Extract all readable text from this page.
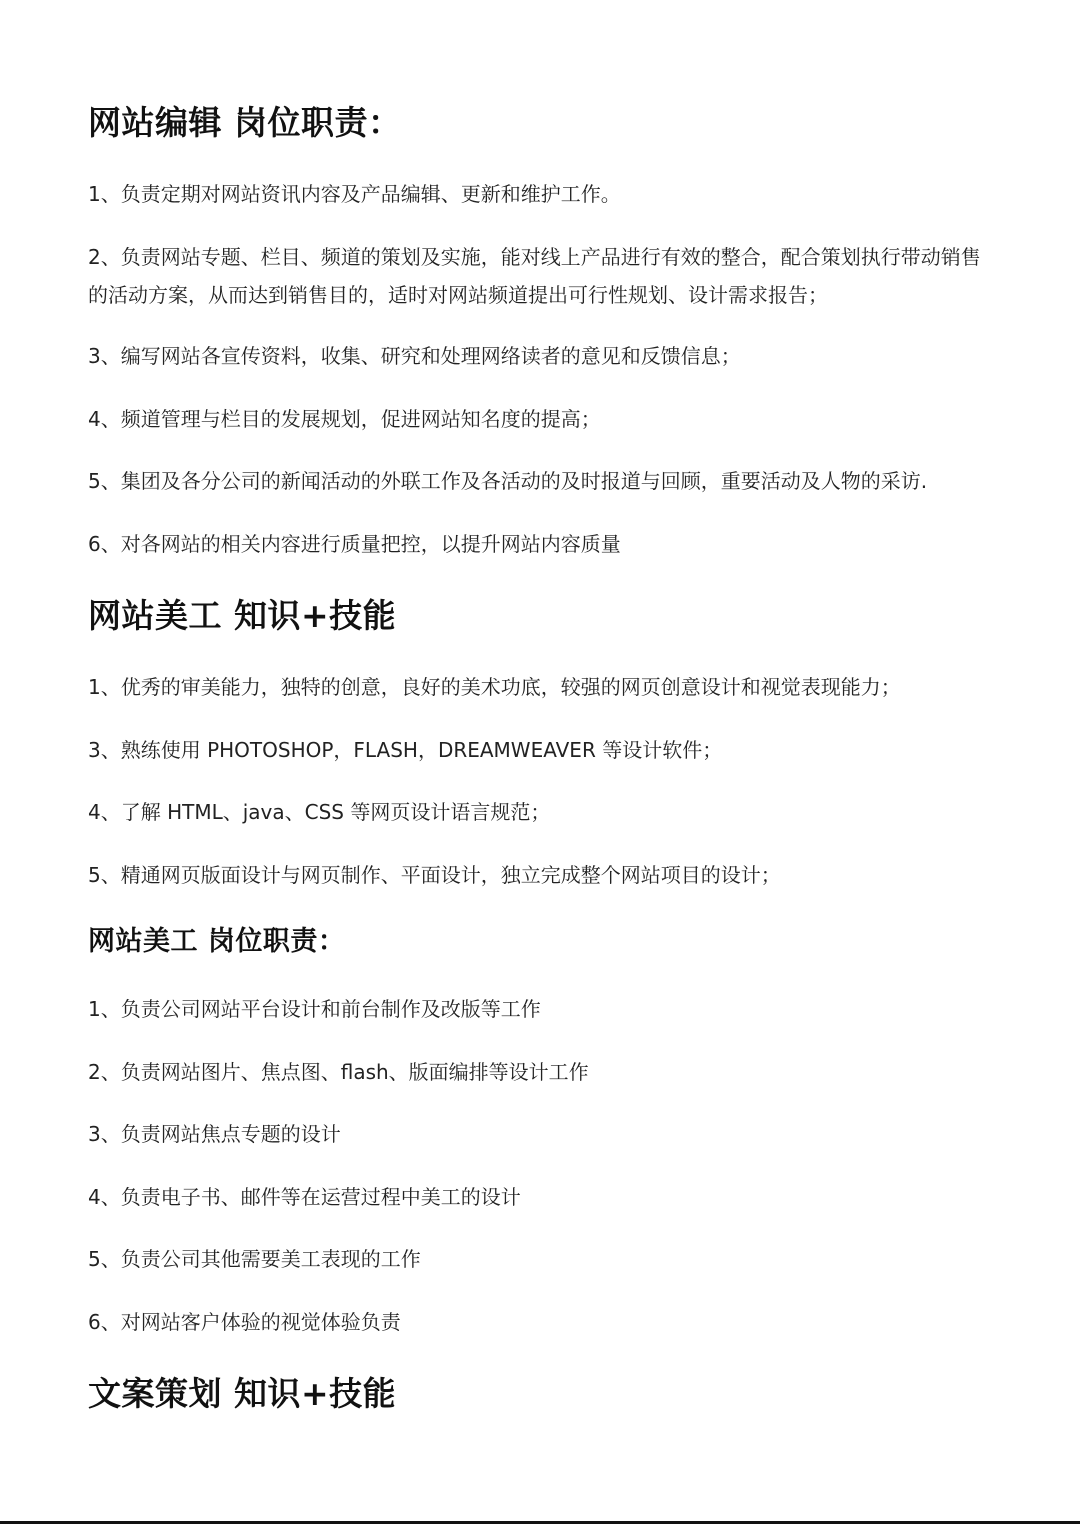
网站编辑 岗位职责：

1、负责定期对网站资讯内容及产品编辑、更新和维护工作。

2、负责网站专题、栏目、频道的策划及实施，能对线上产品进行有效的整合，配合策划执行带动销售的活动方案，从而达到销售目的，适时对网站频道提出可行性规划、设计需求报告；

3、编写网站各宣传资料，收集、研究和处理网络读者的意见和反馈信息；

4、频道管理与栏目的发展规划，促进网站知名度的提高；

5、集团及各分公司的新闻活动的外联工作及各活动的及时报道与回顾，重要活动及人物的采访.

6、对各网站的相关内容进行质量把控，以提升网站内容质量

网站美工 知识+技能

1、优秀的审美能力，独特的创意，良好的美术功底，较强的网页创意设计和视觉表现能力；

3、熟练使用 PHOTOSHOP，FLASH，DREAMWEAVER 等设计软件；

4、了解 HTML、java、CSS 等网页设计语言规范；

5、精通网页版面设计与网页制作、平面设计，独立完成整个网站项目的设计；

网站美工 岗位职责：

1、负责公司网站平台设计和前台制作及改版等工作

2、负责网站图片、焦点图、flash、版面编排等设计工作

3、负责网站焦点专题的设计

4、负责电子书、邮件等在运营过程中美工的设计

5、负责公司其他需要美工表现的工作

6、对网站客户体验的视觉体验负责

文案策划 知识+技能
